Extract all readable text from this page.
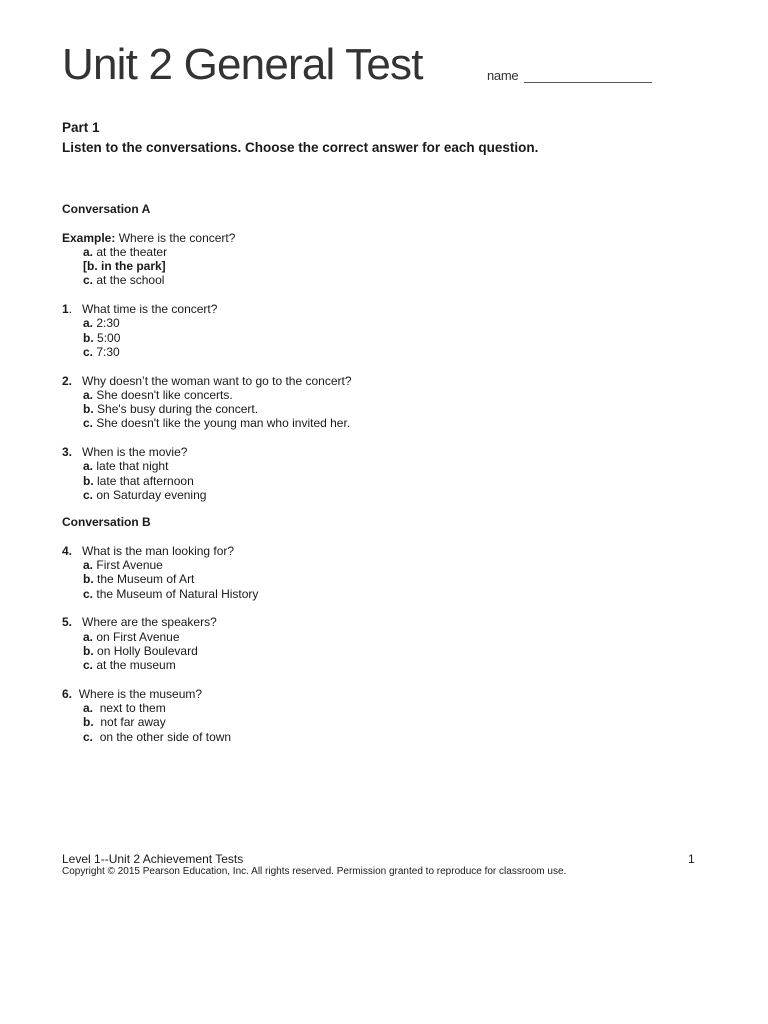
Unit 2 General Test	name
Part 1
Listen to the conversations. Choose the correct answer for each question.
Conversation A
Example: Where is the concert?
a. at the theater
[b. in the park]
c. at the school
1. What time is the concert?
a. 2:30
b. 5:00
c. 7:30
2. Why doesn’t the woman want to go to the concert?
a. She doesn't like concerts.
b. She's busy during the concert.
c. She doesn't like the young man who invited her.
3. When is the movie?
a. late that night
b. late that afternoon
c. on Saturday evening
Conversation B
4. What is the man looking for?
a. First Avenue
b. the Museum of Art
c. the Museum of Natural History
5. Where are the speakers?
a. on First Avenue
b. on Holly Boulevard
c. at the museum
6. Where is the museum?
a. next to them
b. not far away
c. on the other side of town
Level 1--Unit 2 Achievement Tests	1
Copyright © 2015 Pearson Education, Inc. All rights reserved. Permission granted to reproduce for classroom use.
